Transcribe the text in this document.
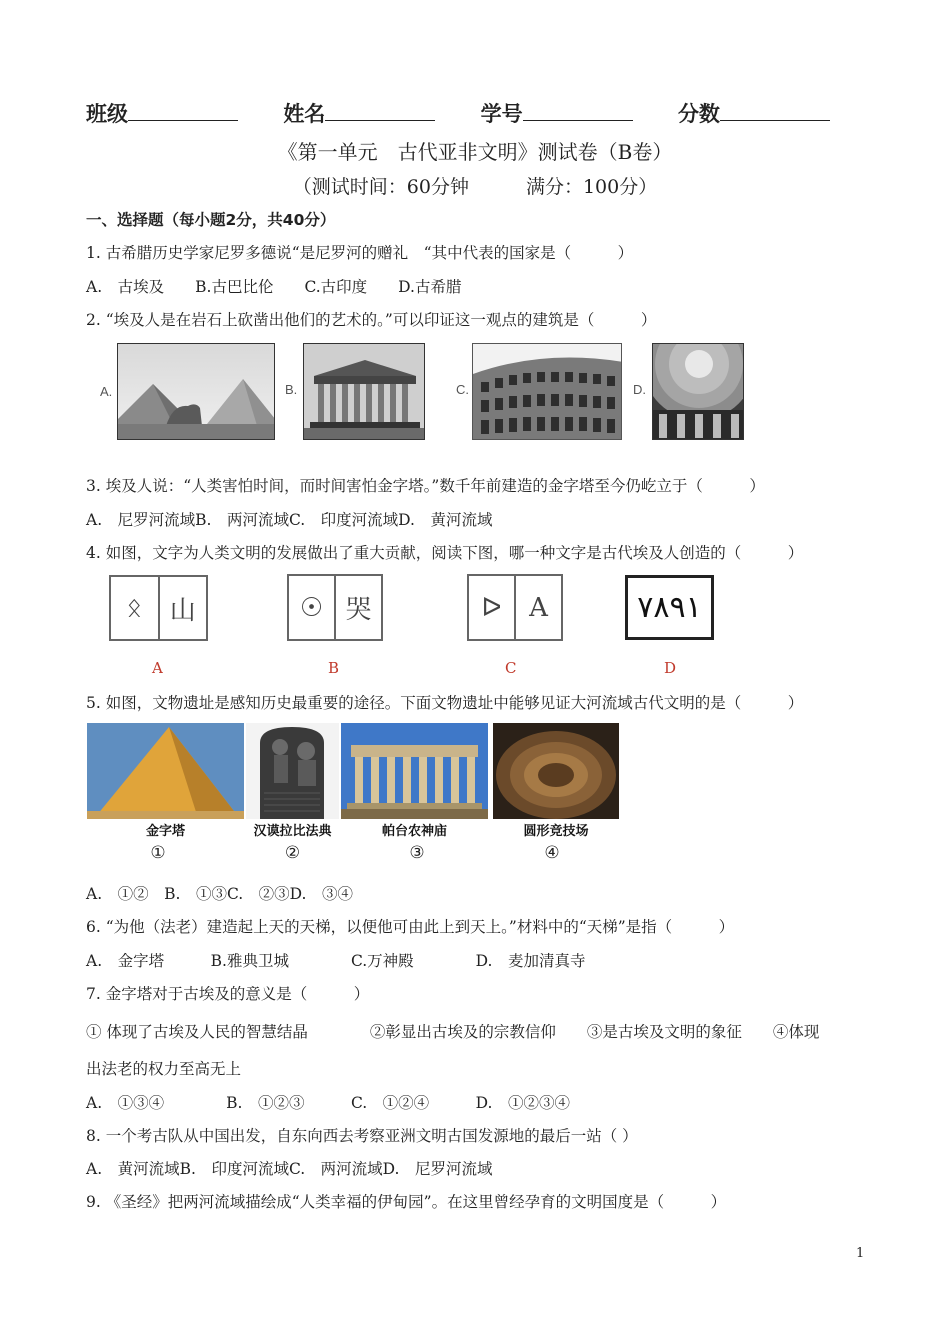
班级	姓名	学号	分数
《第一单元　古代亚非文明》测试卷（B卷）
（测试时间：60分钟　　　满分：100分）
一、选择题（每小题2分，共40分）
1. 古希腊历史学家尼罗多德说“是尼罗河的赠礼　“其中代表的国家是（　　　）
A.　古埃及　　B.古巴比伦　　C.古印度　　D.古希腊
2. “埃及人是在岩石上砍凿出他们的艺术的。”可以印证这一观点的建筑是（　　　）
A.	B.	C.	D.
3. 埃及人说：“人类害怕时间，而时间害怕金字塔。”数千年前建造的金字塔至今仍屹立于（　　　）
A.　尼罗河流域B.　两河流域C.　印度河流域D.　黄河流域
4. 如图，文字为人类文明的发展做出了重大贡献，阅读下图，哪一种文字是古代埃及人创造的（　　　）
ᛟ	山	☉ 哭	ᐅ	A	٧٨٩١
A	B	C	D
5. 如图，文物遗址是感知历史最重要的途径。下面文物遗址中能够见证大河流域古代文明的是（　　　）
金字塔	汉谟拉比法典	帕台农神庙	圆形竞技场
①	②	③	④
A.　①②　B.　①③C.　②③D.　③④
6. “为他（法老）建造起上天的天梯，以便他可由此上到天上。”材料中的“天梯”是指（　　　）
A.　金字塔　　　B.雅典卫城　　　　C.万神殿　　　　D.　麦加清真寺
7. 金字塔对于古埃及的意义是（　　　）
① 体现了古埃及人民的智慧结晶　　　　②彰显出古埃及的宗教信仰　　③是古埃及文明的象征　　④体现
出法老的权力至高无上
A.　①③④　　　　B.　①②③　　　C.　①②④　　　D.　①②③④
8. 一个考古队从中国出发，自东向西去考察亚洲文明古国发源地的最后一站（ ）
A.　黄河流域B.　印度河流域C.　两河流域D.　尼罗河流域
9. 《圣经》把两河流域描绘成“人类幸福的伊甸园”。在这里曾经孕育的文明国度是（　　　）
1
